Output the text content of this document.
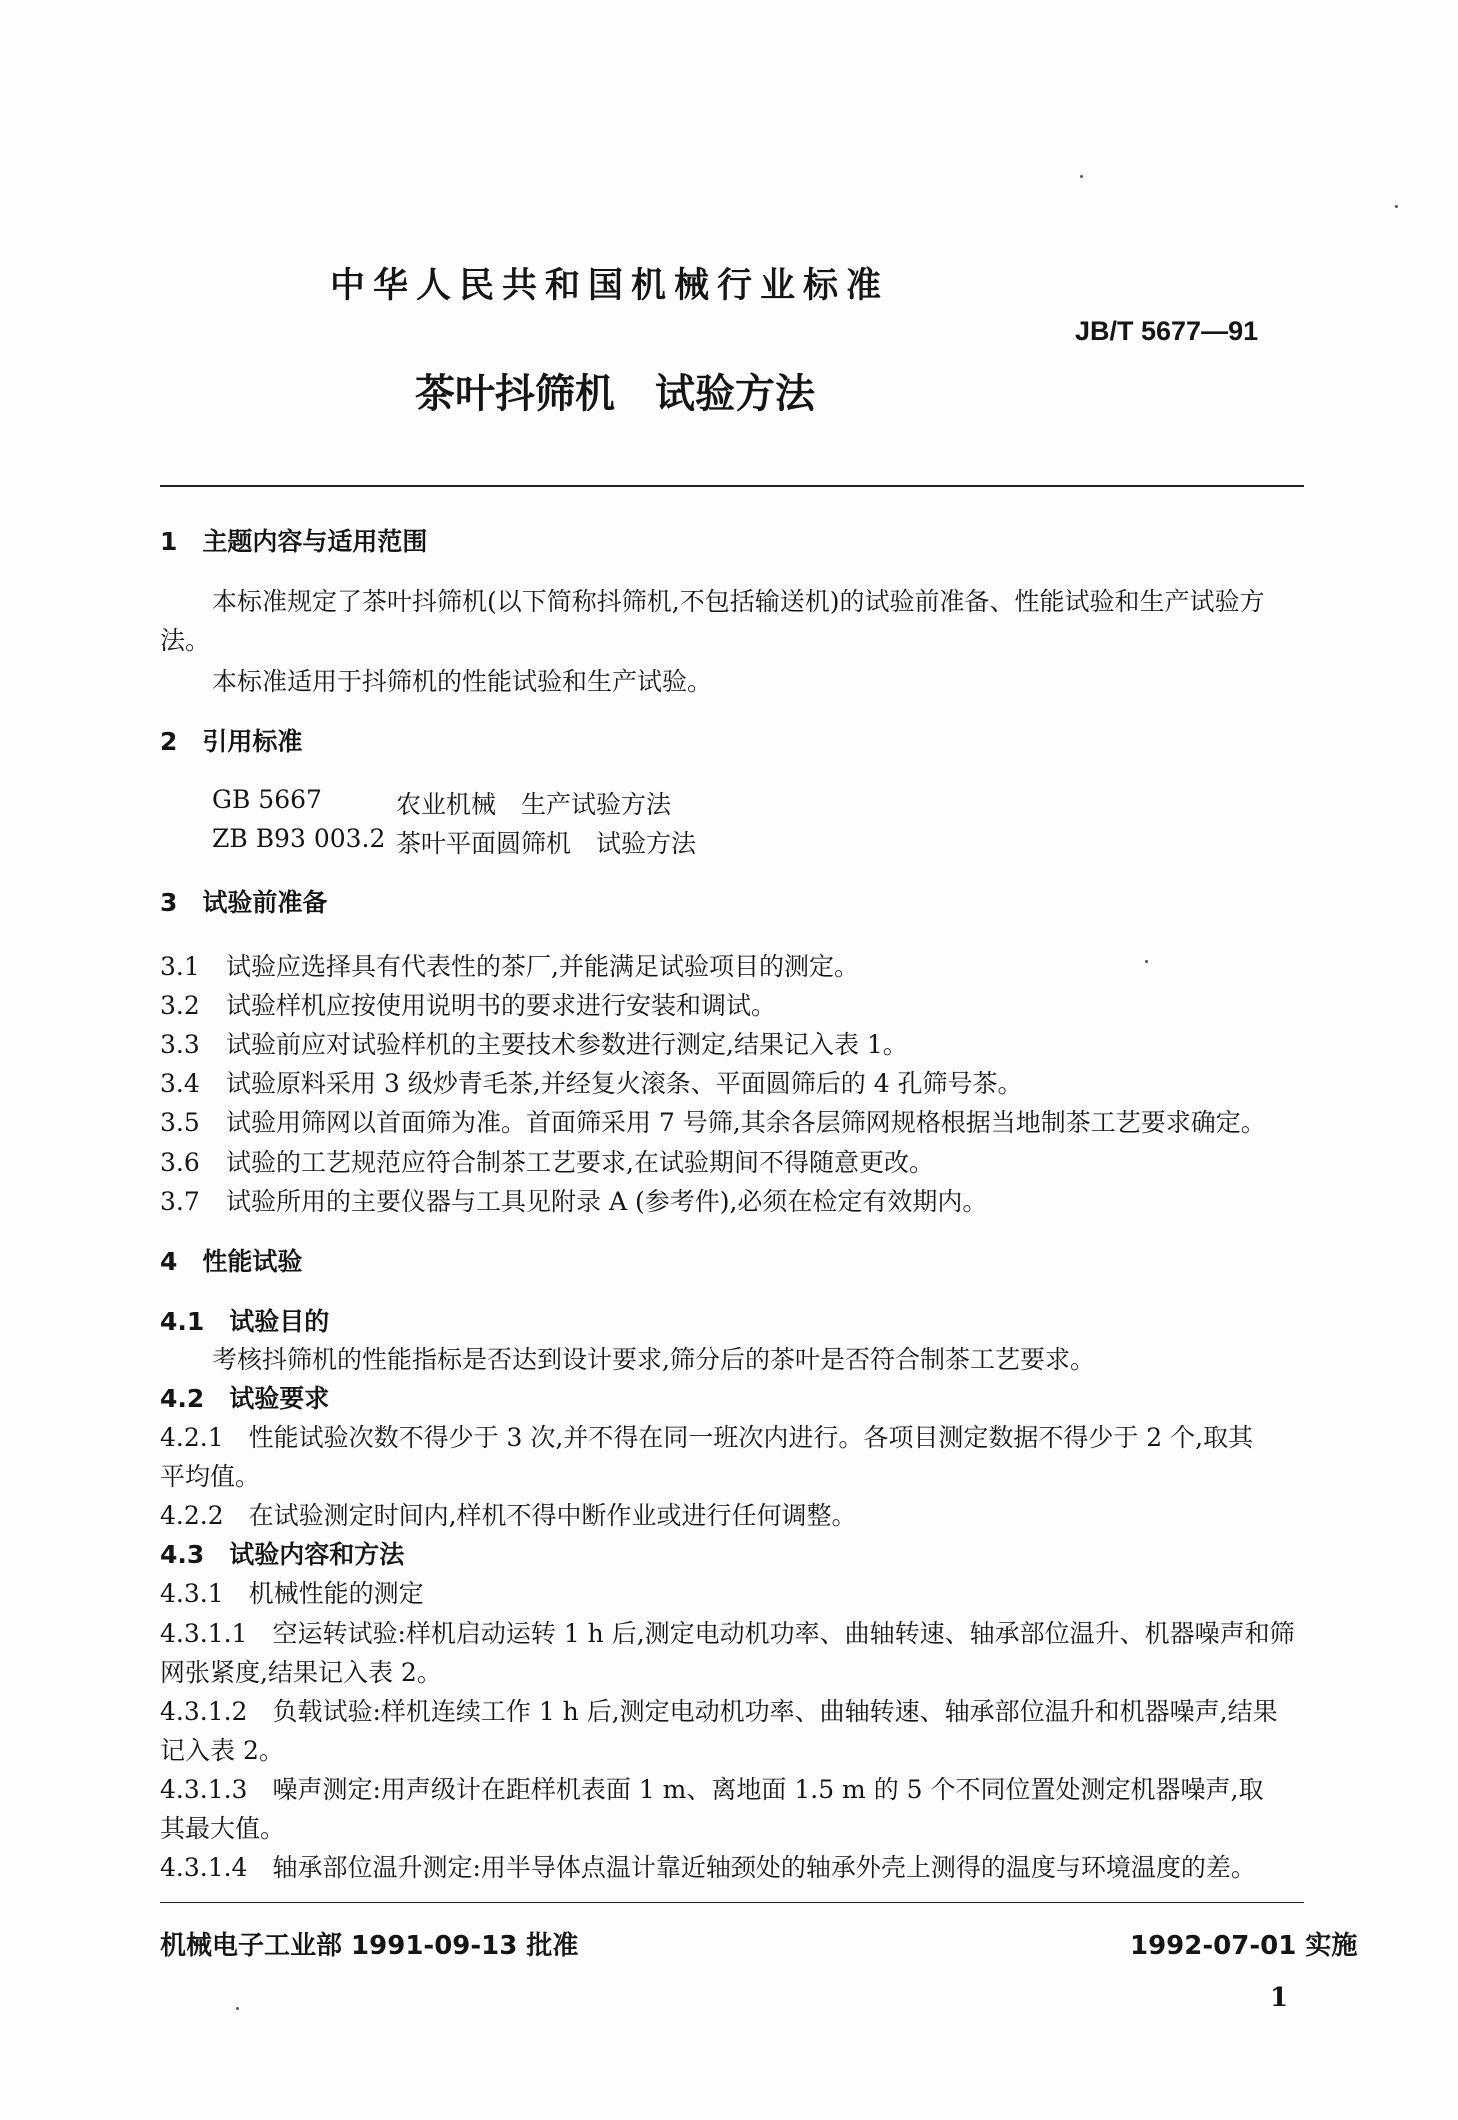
中华人民共和国机械行业标准
JB/T 5677—91
茶叶抖筛机　试验方法
1　主题内容与适用范围
本标准规定了茶叶抖筛机(以下简称抖筛机,不包括输送机)的试验前准备、性能试验和生产试验方
法。
本标准适用于抖筛机的性能试验和生产试验。
2　引用标准
GB 5667	农业机械　生产试验方法
ZB B93 003.2 茶叶平面圆筛机　试验方法
3　试验前准备
3.1 试验应选择具有代表性的茶厂,并能满足试验项目的测定。
3.2 试验样机应按使用说明书的要求进行安装和调试。
3.3 试验前应对试验样机的主要技术参数进行测定,结果记入表 1。
3.4 试验原料采用 3 级炒青毛茶,并经复火滚条、平面圆筛后的 4 孔筛号茶。
3.5 试验用筛网以首面筛为准。首面筛采用 7 号筛,其余各层筛网规格根据当地制茶工艺要求确定。
3.6 试验的工艺规范应符合制茶工艺要求,在试验期间不得随意更改。
3.7 试验所用的主要仪器与工具见附录 A (参考件),必须在检定有效期内。
4　性能试验
4.1　试验目的
考核抖筛机的性能指标是否达到设计要求,筛分后的茶叶是否符合制茶工艺要求。
4.2　试验要求
4.2.1　性能试验次数不得少于 3 次,并不得在同一班次内进行。各项目测定数据不得少于 2 个,取其
平均值。
4.2.2　在试验测定时间内,样机不得中断作业或进行任何调整。
4.3　试验内容和方法
4.3.1　机械性能的测定
4.3.1.1　空运转试验:样机启动运转 1 h 后,测定电动机功率、曲轴转速、轴承部位温升、机器噪声和筛
网张紧度,结果记入表 2。
4.3.1.2　负载试验:样机连续工作 1 h 后,测定电动机功率、曲轴转速、轴承部位温升和机器噪声,结果
记入表 2。
4.3.1.3　噪声测定:用声级计在距样机表面 1 m、离地面 1.5 m 的 5 个不同位置处测定机器噪声,取
其最大值。
4.3.1.4　轴承部位温升测定:用半导体点温计靠近轴颈处的轴承外壳上测得的温度与环境温度的差。
机械电子工业部 1991-09-13 批准	1992-07-01 实施
1
